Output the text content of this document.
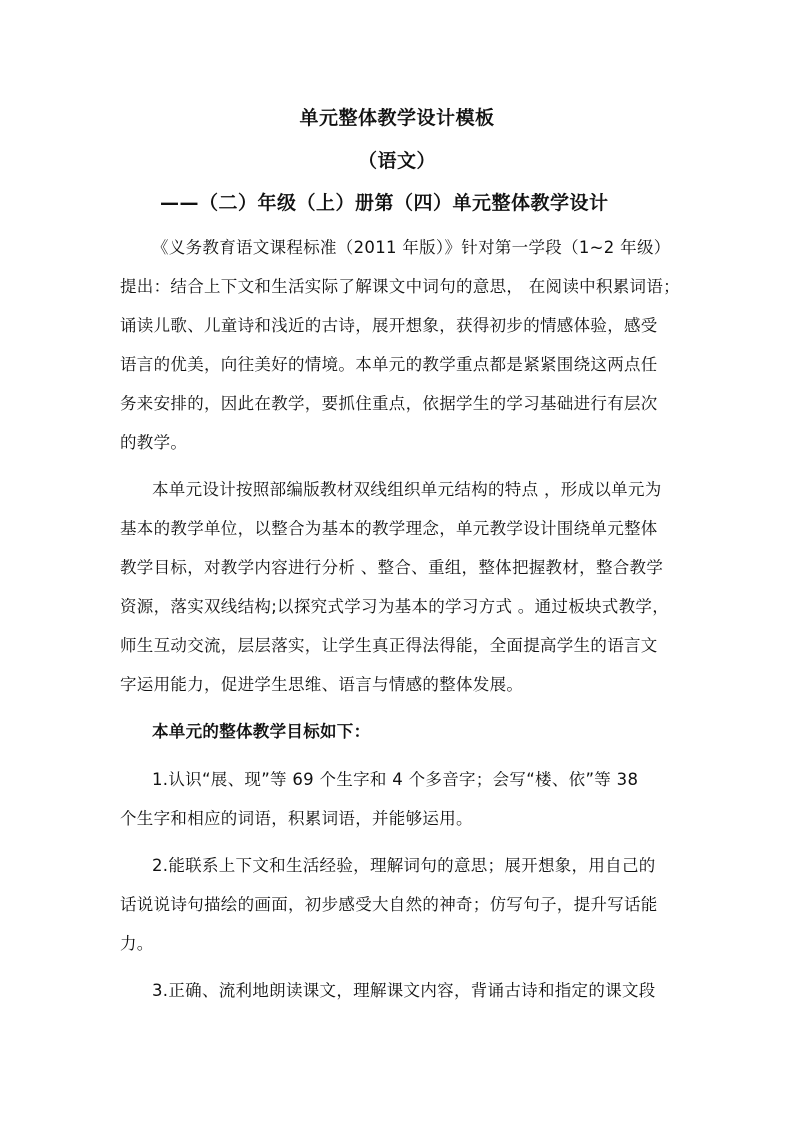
单元整体教学设计模板
（语文）
——（二）年级（上）册第（四）单元整体教学设计
《义务教育语文课程标准（2011 年版）》针对第一学段（1~2 年级）
提出：结合上下文和生活实际了解课文中词句的意思， 在阅读中积累词语；
诵读儿歌、儿童诗和浅近的古诗，展开想象，获得初步的情感体验，感受
语言的优美，向往美好的情境。本单元的教学重点都是紧紧围绕这两点任
务来安排的，因此在教学，要抓住重点，依据学生的学习基础进行有层次
的教学。
本单元设计按照部编版教材双线组织单元结构的特点 ，形成以单元为
基本的教学单位，以整合为基本的教学理念，单元教学设计围绕单元整体
教学目标，对教学内容进行分析 、整合、重组，整体把握教材，整合教学
资源，落实双线结构;以探究式学习为基本的学习方式 。通过板块式教学，
师生互动交流，层层落实，让学生真正得法得能，全面提高学生的语言文
字运用能力，促进学生思维、语言与情感的整体发展。
本单元的整体教学目标如下：
1.认识“展、现”等 69 个生字和 4 个多音字；会写“楼、依”等 38
个生字和相应的词语，积累词语，并能够运用。
2.能联系上下文和生活经验，理解词句的意思；展开想象，用自己的
话说说诗句描绘的画面，初步感受大自然的神奇；仿写句子，提升写话能
力。
3.正确、流利地朗读课文，理解课文内容，背诵古诗和指定的课文段
